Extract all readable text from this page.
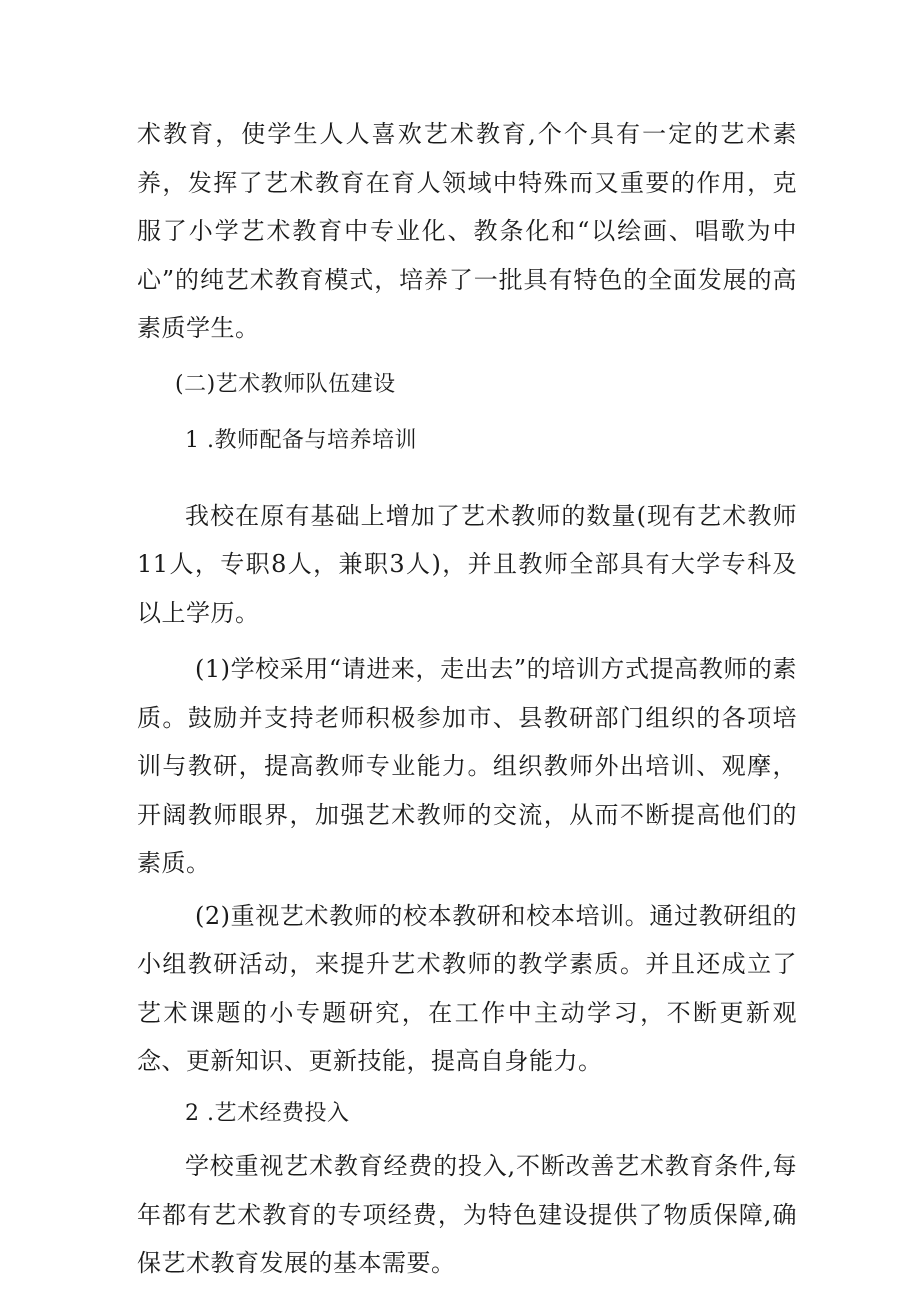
术教育，使学生人人喜欢艺术教育,个个具有一定的艺术素养，发挥了艺术教育在育人领域中特殊而又重要的作用，克服了小学艺术教育中专业化、教条化和“以绘画、唱歌为中心”的纯艺术教育模式，培养了一批具有特色的全面发展的高素质学生。

(二)艺术教师队伍建设

1 .教师配备与培养培训

我校在原有基础上增加了艺术教师的数量(现有艺术教师11人，专职8人，兼职3人)，并且教师全部具有大学专科及以上学历。

(1)学校采用“请进来，走出去”的培训方式提高教师的素质。鼓励并支持老师积极参加市、县教研部门组织的各项培训与教研，提高教师专业能力。组织教师外出培训、观摩，开阔教师眼界，加强艺术教师的交流，从而不断提高他们的素质。

(2)重视艺术教师的校本教研和校本培训。通过教研组的小组教研活动，来提升艺术教师的教学素质。并且还成立了艺术课题的小专题研究，在工作中主动学习，不断更新观念、更新知识、更新技能，提高自身能力。

2 .艺术经费投入

学校重视艺术教育经费的投入,不断改善艺术教育条件,每年都有艺术教育的专项经费，为特色建设提供了物质保障,确保艺术教育发展的基本需要。
